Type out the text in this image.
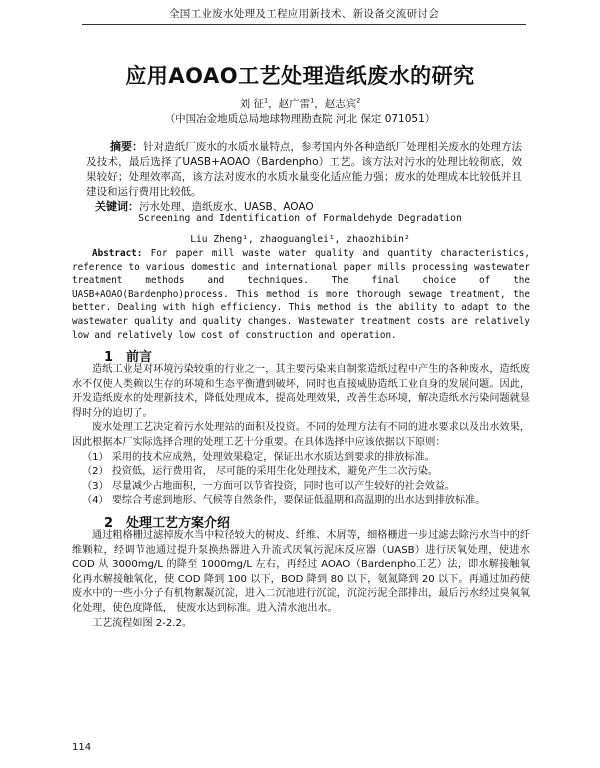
全国工业废水处理及工程应用新技术、新设备交流研讨会
应用AOAO工艺处理造纸废水的研究
刘 征$^1$，赵广雷$^1$，赵志宾$^2$
（中国冶金地质总局地球物理勘查院 河北 保定 071051）
摘要：针对造纸厂废水的水质水量特点，参考国内外各种造纸厂处理相关废水的处理方法及技术，最后选择了UASB+AOAO（Bardenpho）工艺。该方法对污水的处理比较彻底，效果较好；处理效率高，该方法对废水的水质水量变化适应能力强；废水的处理成本比较低并且建设和运行费用比较低。
关键词：污水处理、造纸废水、UASB、AOAO
Screening and Identification of Formaldehyde Degradation
Liu Zheng¹, zhaoguanglei¹, zhaozhibin²
Abstract: For paper mill waste water quality and quantity characteristics, reference to various domestic and international paper mills processing wastewater treatment methods and techniques. The final choice of the UASB+AOAO(Bardenpho)process. This method is more thorough sewage treatment, the better. Dealing with high efficiency. This method is the ability to adapt to the wastewater quality and quality changes. Wastewater treatment costs are relatively low and relatively low cost of construction and operation.
1 前言

造纸工业是对环境污染较重的行业之一，其主要污染来自制浆造纸过程中产生的各种废水，造纸废水不仅使人类赖以生存的环境和生态平衡遭到破坏，同时也直接威胁造纸工业自身的发展问题。因此，开发造纸废水的处理新技术，降低处理成本，提高处理效果，改善生态环境，解决造纸水污染问题就显得时分的迫切了。

废水处理工艺决定着污水处理站的面积及投资。不同的处理方法有不同的进水要求以及出水效果，因此根据本厂实际选择合理的处理工艺十分重要。在具体选择中应该依据以下原则：

（1） 采用的技术应成熟，处理效果稳定，保证出水水质达到要求的排放标准。

（2） 投资低，运行费用省， 尽可能的采用生化处理技术，避免产生二次污染。

（3） 尽量减少占地面积，一方面可以节省投资，同时也可以产生较好的社会效益。

（4） 要综合考虑到地形、气候等自然条件，要保证低温期和高温期的出水达到排放标准。

2 处理工艺方案介绍

通过粗格栅过滤掉废水当中粒径较大的树皮、纤维、木屑等，细格栅进一步过滤去除污水当中的纤维颗粒，经调节池通过提升泵换热器进入升流式厌氧污泥床反应器（UASB）进行厌氧处理，使进水 COD 从 3000mg/L 的降至 1000mg/L 左右，再经过 AOAO（Bardenpho工艺）法，即水解接触氧化再水解接触氧化，使 COD 降到 100 以下，BOD 降到 80 以下，氨氮降到 20 以下。再通过加药使废水中的一些小分子有机物絮凝沉淀，进入二沉池进行沉淀，沉淀污泥全部排出，最后污水经过臭氧氧化处理，使色度降低， 使废水达到标准。进入清水池出水。

工艺流程如图 2-2.2。

114
